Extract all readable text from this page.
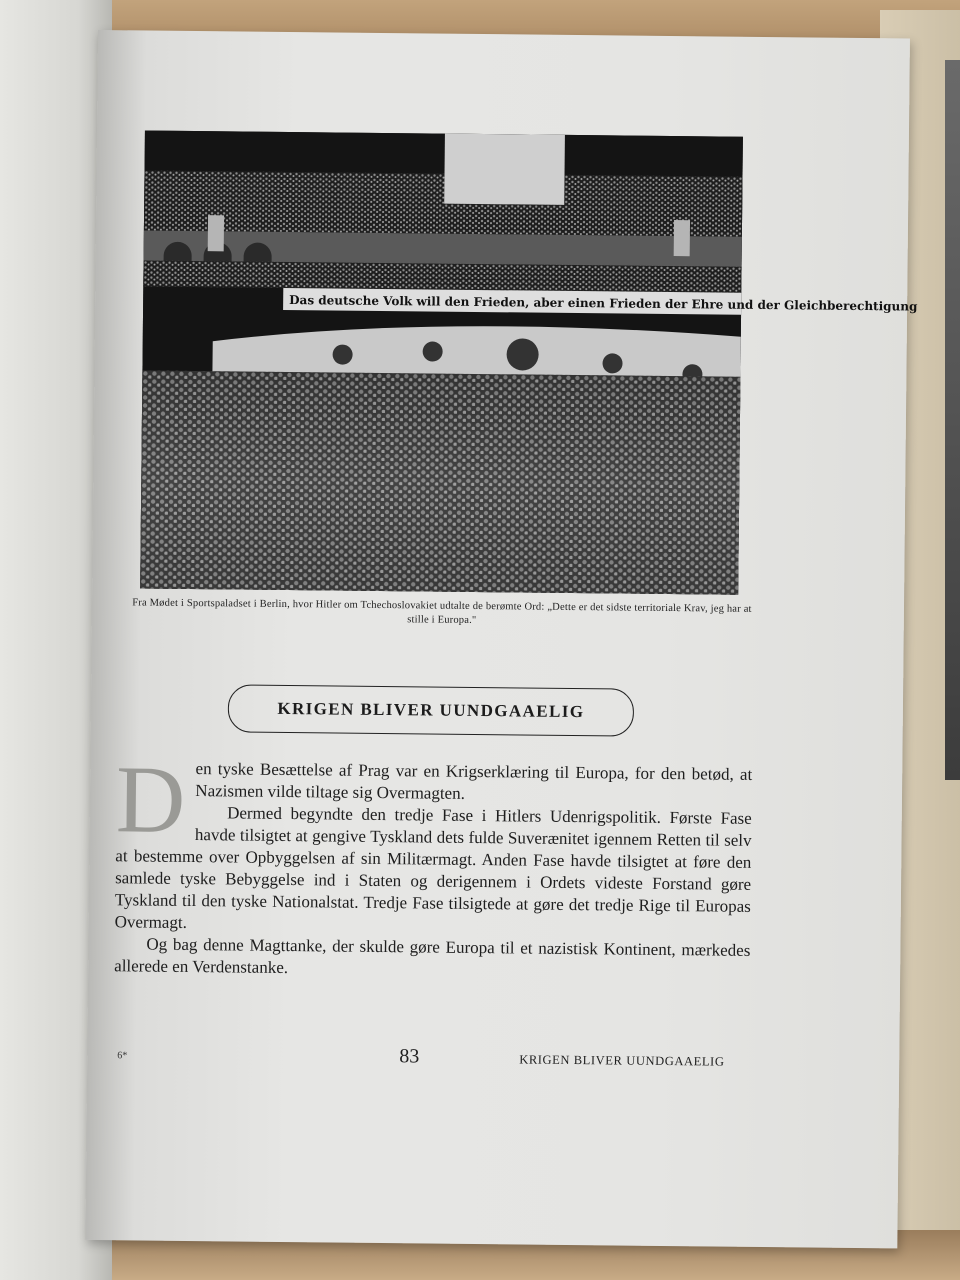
Das deutsche Volk will den Frieden, aber einen Frieden der Ehre und der Gleichberechtigung
Fra Mødet i Sportspaladset i Berlin, hvor Hitler om Tchechoslovakiet udtalte de berømte Ord: „Dette er det sidste territoriale Krav, jeg har at stille i Europa."
KRIGEN BLIVER UUNDGAAELIG
D en tyske Besættelse af Prag var en Krigserklæring til Europa, for den betød, at Nazismen vilde tiltage sig Overmagten.

Dermed begyndte den tredje Fase i Hitlers Udenrigspolitik. Første Fase havde tilsigtet at gengive Tyskland dets fulde Suverænitet igennem Retten til selv at bestemme over Opbyggelsen af sin Militærmagt. Anden Fase havde tilsigtet at føre den samlede tyske Bebyggelse ind i Staten og derigennem i Ordets videste Forstand gøre Tyskland til den tyske Nationalstat. Tredje Fase tilsigtede at gøre det tredje Rige til Europas Overmagt.

Og bag denne Magttanke, der skulde gøre Europa til et nazistisk Kontinent, mærkedes allerede en Verdenstanke.

6*	83	KRIGEN BLIVER UUNDGAAELIG
